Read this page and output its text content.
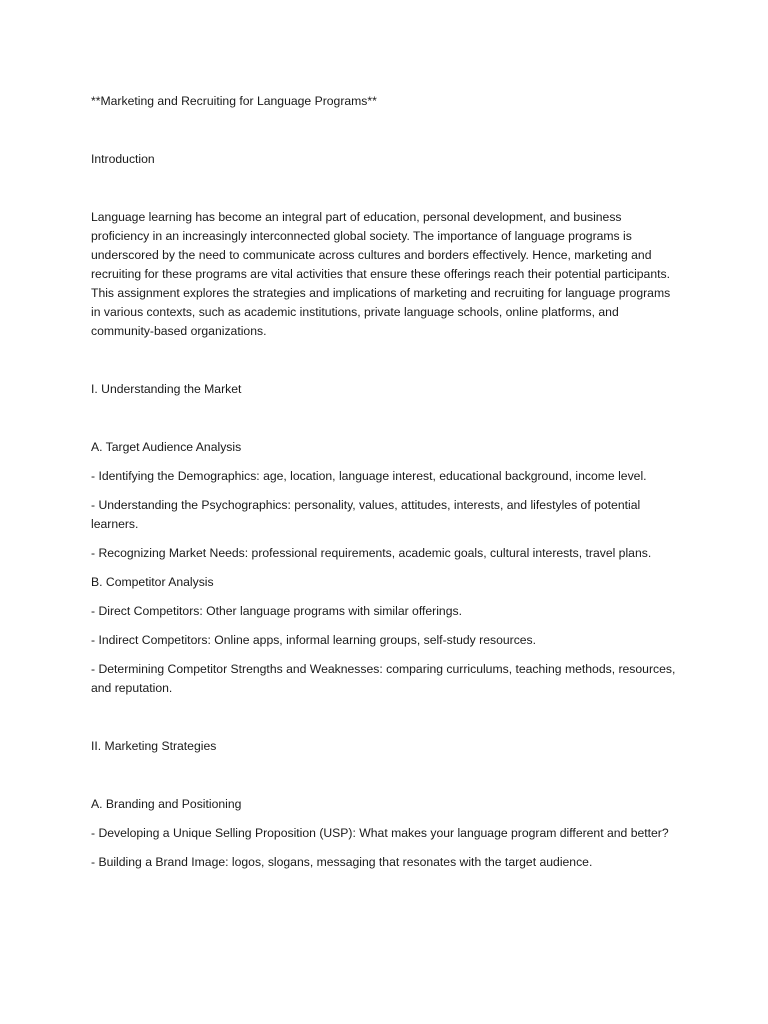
**Marketing and Recruiting for Language Programs**

Introduction

Language learning has become an integral part of education, personal development, and business proficiency in an increasingly interconnected global society. The importance of language programs is underscored by the need to communicate across cultures and borders effectively. Hence, marketing and recruiting for these programs are vital activities that ensure these offerings reach their potential participants. This assignment explores the strategies and implications of marketing and recruiting for language programs in various contexts, such as academic institutions, private language schools, online platforms, and community-based organizations.

I. Understanding the Market

A. Target Audience Analysis

- Identifying the Demographics: age, location, language interest, educational background, income level.

- Understanding the Psychographics: personality, values, attitudes, interests, and lifestyles of potential learners.

- Recognizing Market Needs: professional requirements, academic goals, cultural interests, travel plans.

B. Competitor Analysis

- Direct Competitors: Other language programs with similar offerings.

- Indirect Competitors: Online apps, informal learning groups, self-study resources.

- Determining Competitor Strengths and Weaknesses: comparing curriculums, teaching methods, resources, and reputation.

II. Marketing Strategies

A. Branding and Positioning

- Developing a Unique Selling Proposition (USP): What makes your language program different and better?

- Building a Brand Image: logos, slogans, messaging that resonates with the target audience.
